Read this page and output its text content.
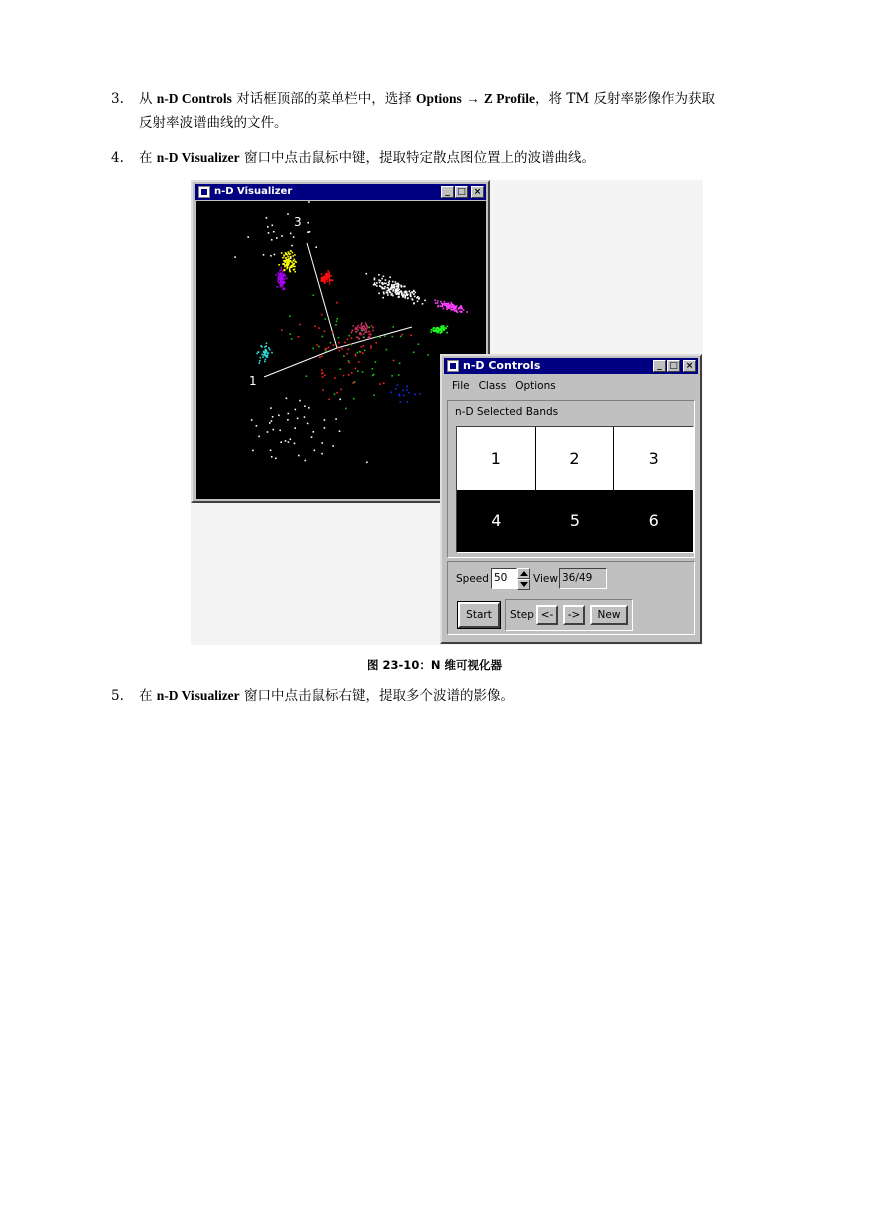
3. 从 n-D Controls 对话框顶部的菜单栏中，选择 Options → Z Profile，将 TM 反射率影像作为获取
反射率波谱曲线的文件。
4. 在 n-D Visualizer 窗口中点击鼠标中键，提取特定散点图位置上的波谱曲线。
n-D Visualizer	_ □ ×
3
1
n-D Controls	_ □ ×
File Class Options
n-D Selected Bands
1	2	3
4	5	6
Speed 50	View 36/49
Start	Step <-	->	New
图 23-10：N 维可视化器
5. 在 n-D Visualizer 窗口中点击鼠标右键，提取多个波谱的影像。
